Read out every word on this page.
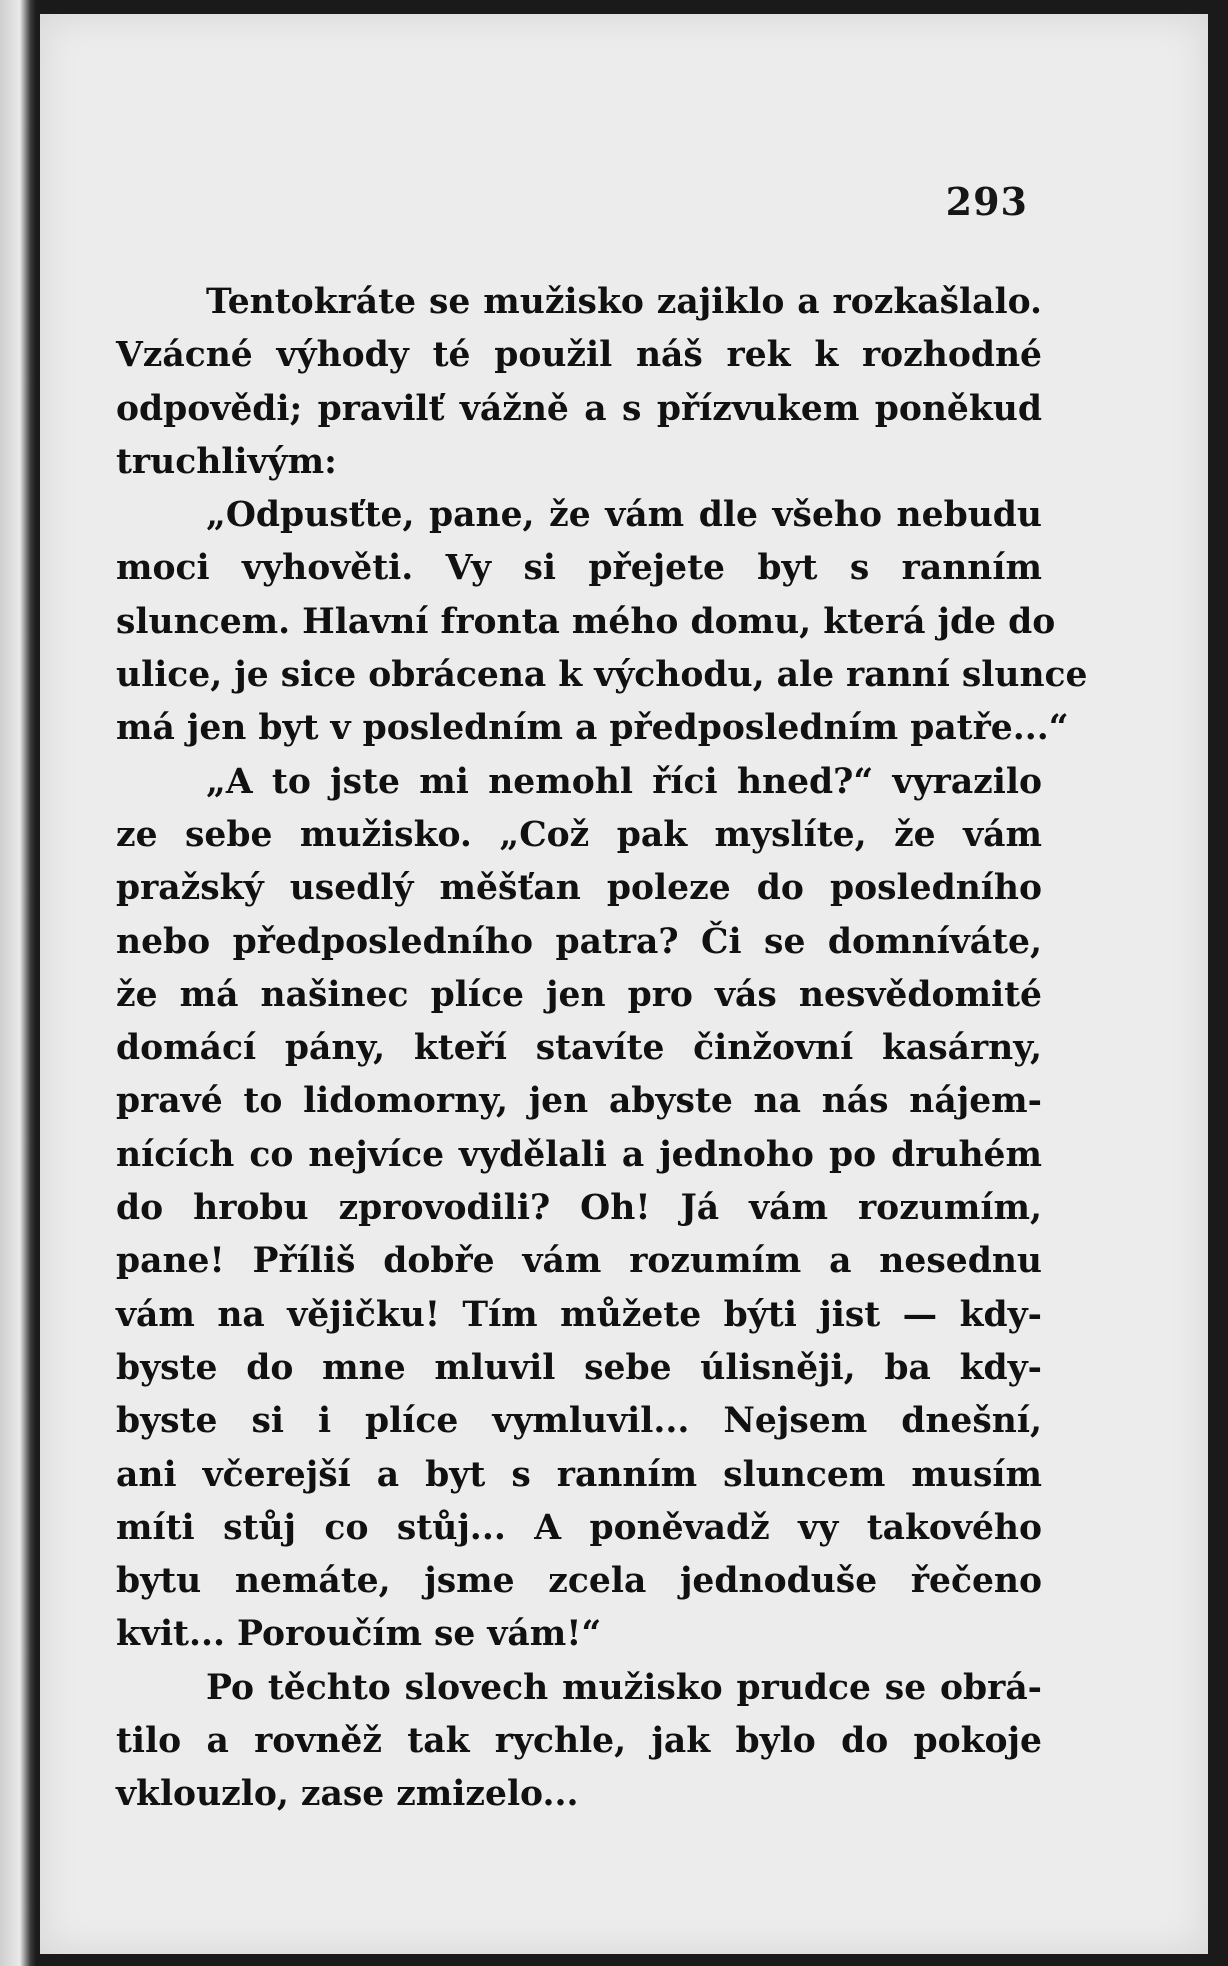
293
Tentokráte se mužisko zajiklo a rozkašlalo.
Vzácné výhody té použil náš rek k rozhodné
odpovědi; pravilť vážně a s přízvukem poněkud
truchlivým:
„Odpusťte, pane, že vám dle všeho nebudu
moci vyhověti. Vy si přejete byt s ranním
sluncem. Hlavní fronta mého domu, která jde do
ulice, je sice obrácena k východu, ale ranní slunce
má jen byt v posledním a předposledním patře...“
„A to jste mi nemohl říci hned?“ vyrazilo
ze sebe mužisko. „Což pak myslíte, že vám
pražský usedlý měšťan poleze do posledního
nebo předposledního patra? Či se domníváte,
že má našinec plíce jen pro vás nesvědomité
domácí pány, kteří stavíte činžovní kasárny,
pravé to lidomorny, jen abyste na nás nájem-
nících co nejvíce vydělali a jednoho po druhém
do hrobu zprovodili? Oh! Já vám rozumím,
pane! Příliš dobře vám rozumím a nesednu
vám na vějičku! Tím můžete býti jist — kdy-
byste do mne mluvil sebe úlisněji, ba kdy-
byste si i plíce vymluvil... Nejsem dnešní,
ani včerejší a byt s ranním sluncem musím
míti stůj co stůj... A poněvadž vy takového
bytu nemáte, jsme zcela jednoduše řečeno
kvit... Poroučím se vám!“
Po těchto slovech mužisko prudce se obrá-
tilo a rovněž tak rychle, jak bylo do pokoje
vklouzlo, zase zmizelo...
